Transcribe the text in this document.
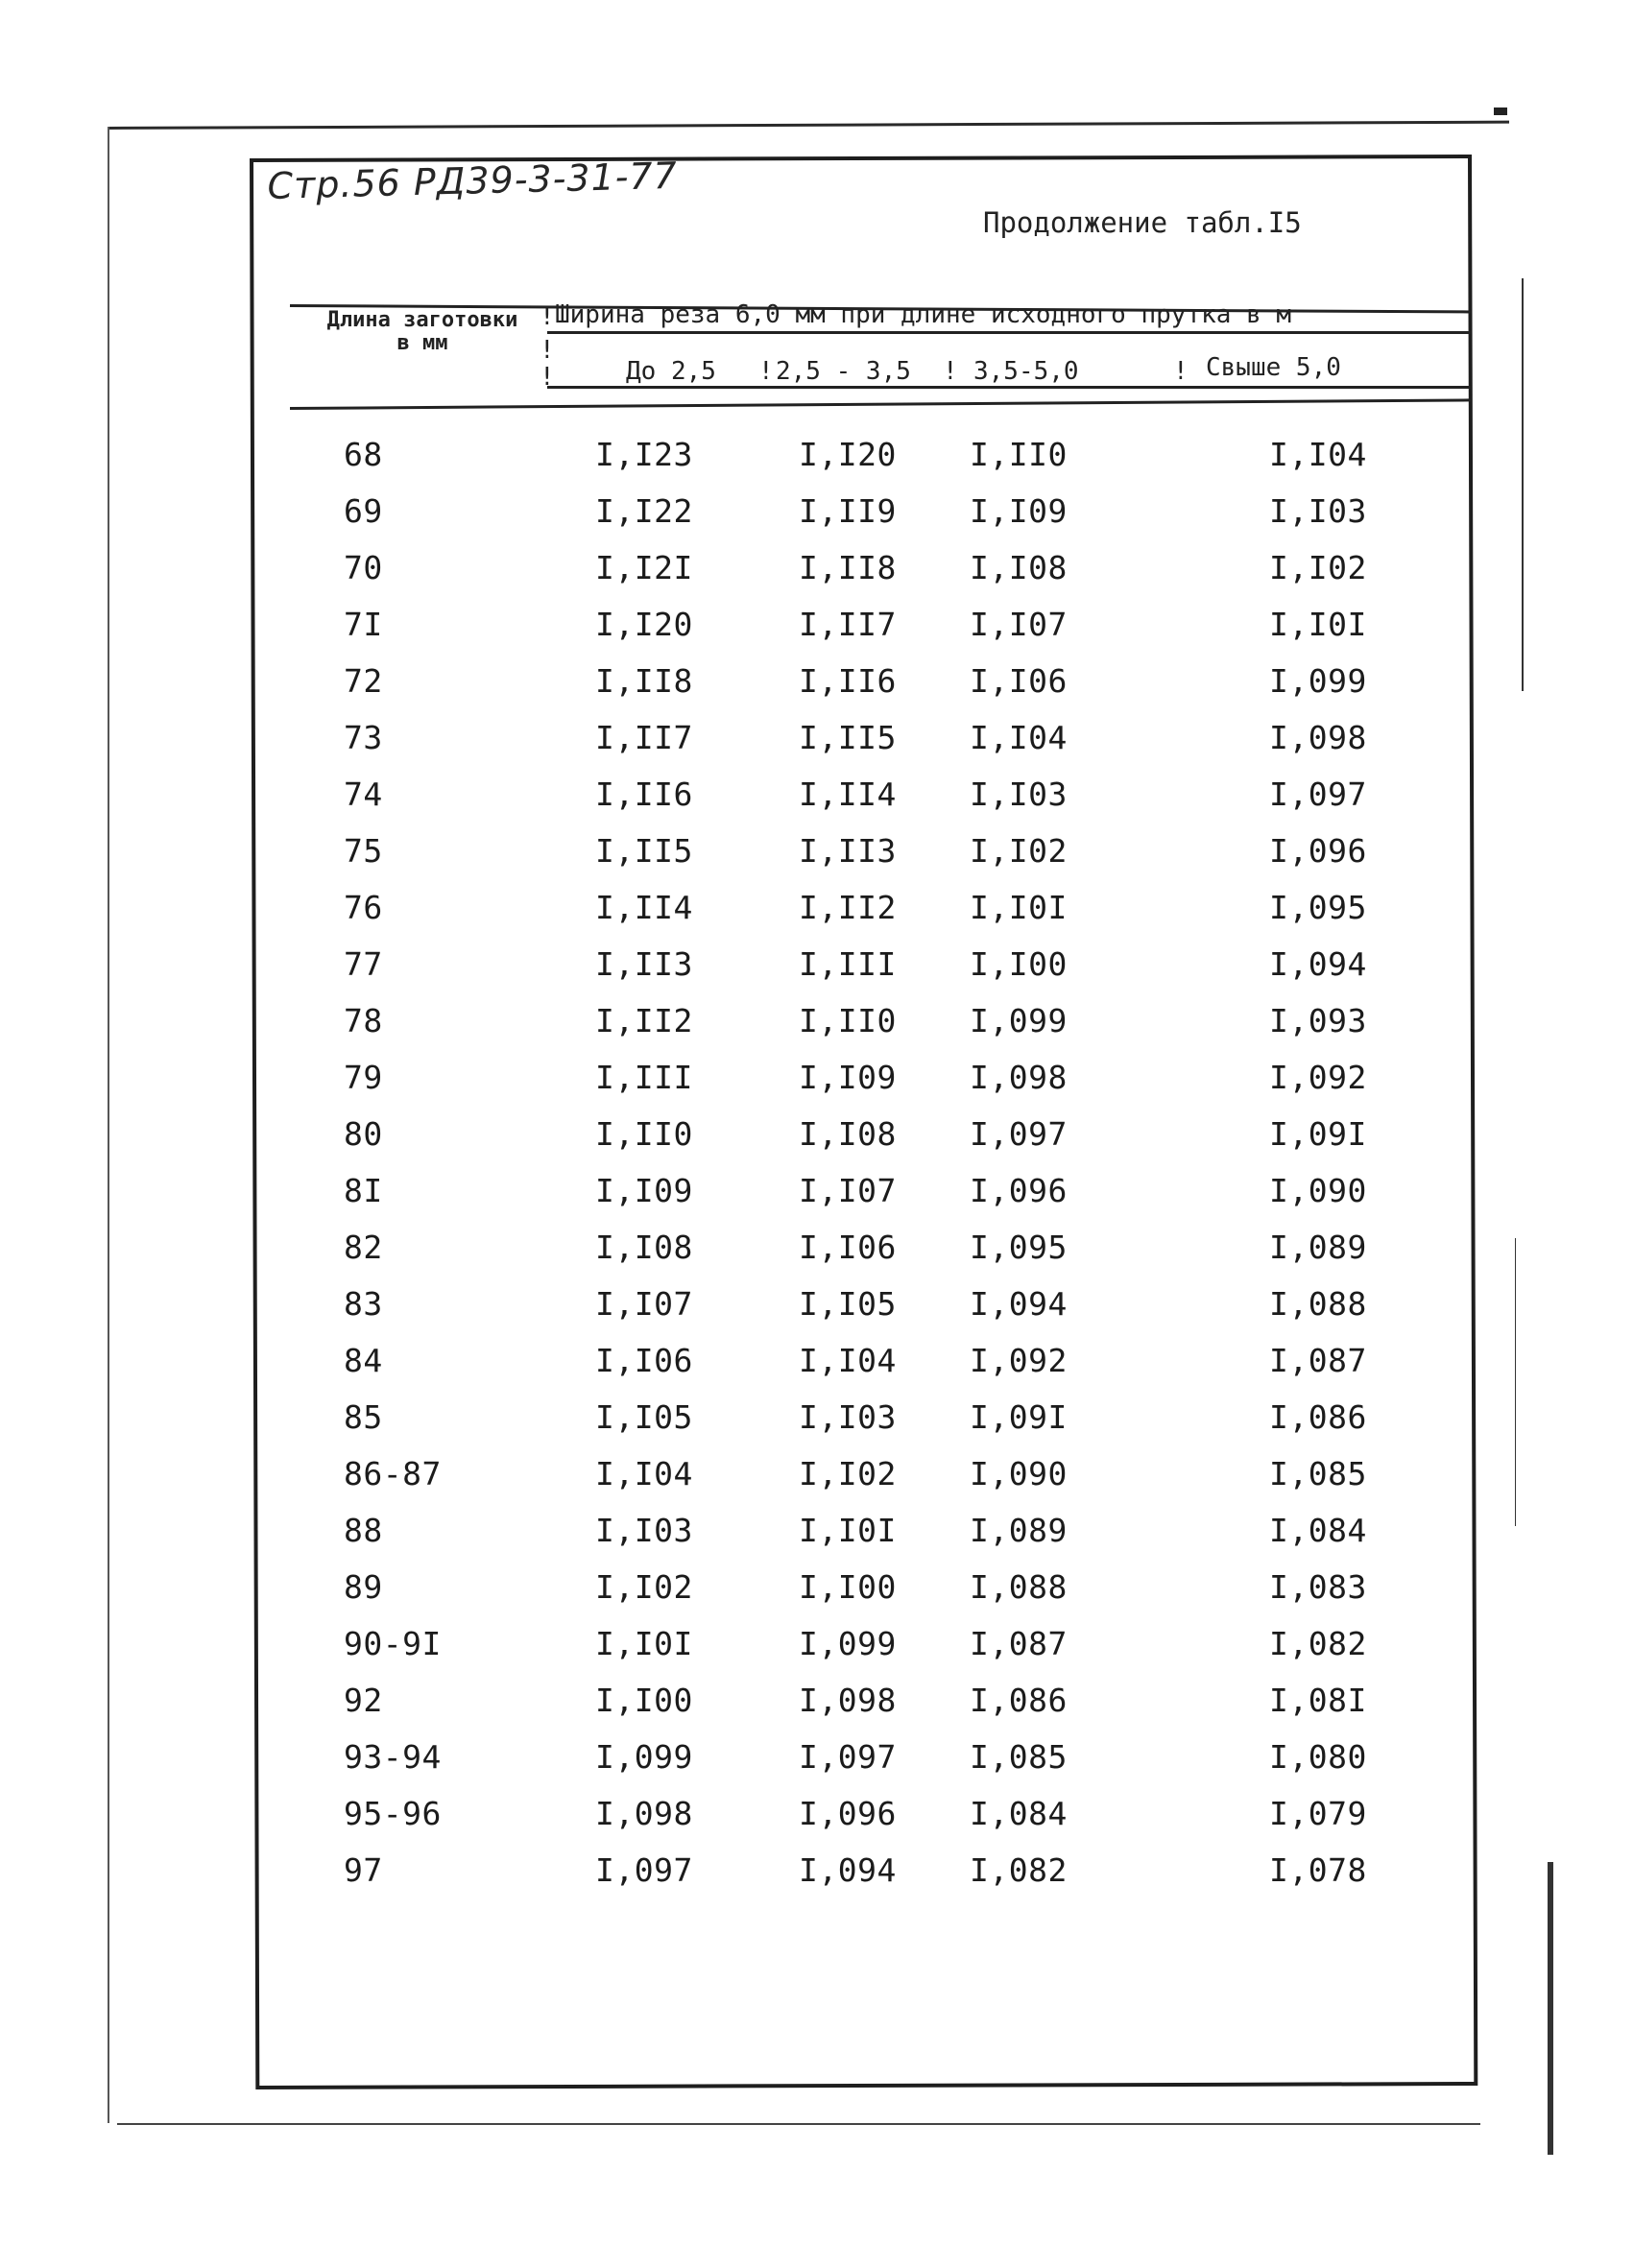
Стр.56 РД39-3-31-77
Продолжение табл.I5
Длина заготовки в мм
!
!
!
Ширина реза 6,0 мм при длине исходного прутка в м
До 2,5 ! 2,5 - 3,5 ! 3,5-5,0	! Свыше 5,0
68	I,I23	I,I20 I,II0	I,I04
69	I,I22	I,II9 I,I09	I,I03
70	I,I2I	I,II8 I,I08	I,I02
7I	I,I20	I,II7 I,I07	I,I0I
72	I,II8	I,II6 I,I06	I,099
73	I,II7	I,II5 I,I04	I,098
74	I,II6	I,II4 I,I03	I,097
75	I,II5	I,II3 I,I02	I,096
76	I,II4	I,II2 I,I0I	I,095
77	I,II3	I,III I,I00	I,094
78	I,II2	I,II0 I,099	I,093
79	I,III	I,I09 I,098	I,092
80	I,II0	I,I08 I,097	I,09I
8I	I,I09	I,I07 I,096	I,090
82	I,I08	I,I06 I,095	I,089
83	I,I07	I,I05 I,094	I,088
84	I,I06	I,I04 I,092	I,087
85	I,I05	I,I03 I,09I	I,086
86-87	I,I04	I,I02 I,090	I,085
88	I,I03	I,I0I I,089	I,084
89	I,I02	I,I00 I,088	I,083
90-9I	I,I0I	I,099 I,087	I,082
92	I,I00	I,098 I,086	I,08I
93-94	I,099	I,097 I,085	I,080
95-96	I,098	I,096 I,084	I,079
97	I,097	I,094 I,082	I,078
